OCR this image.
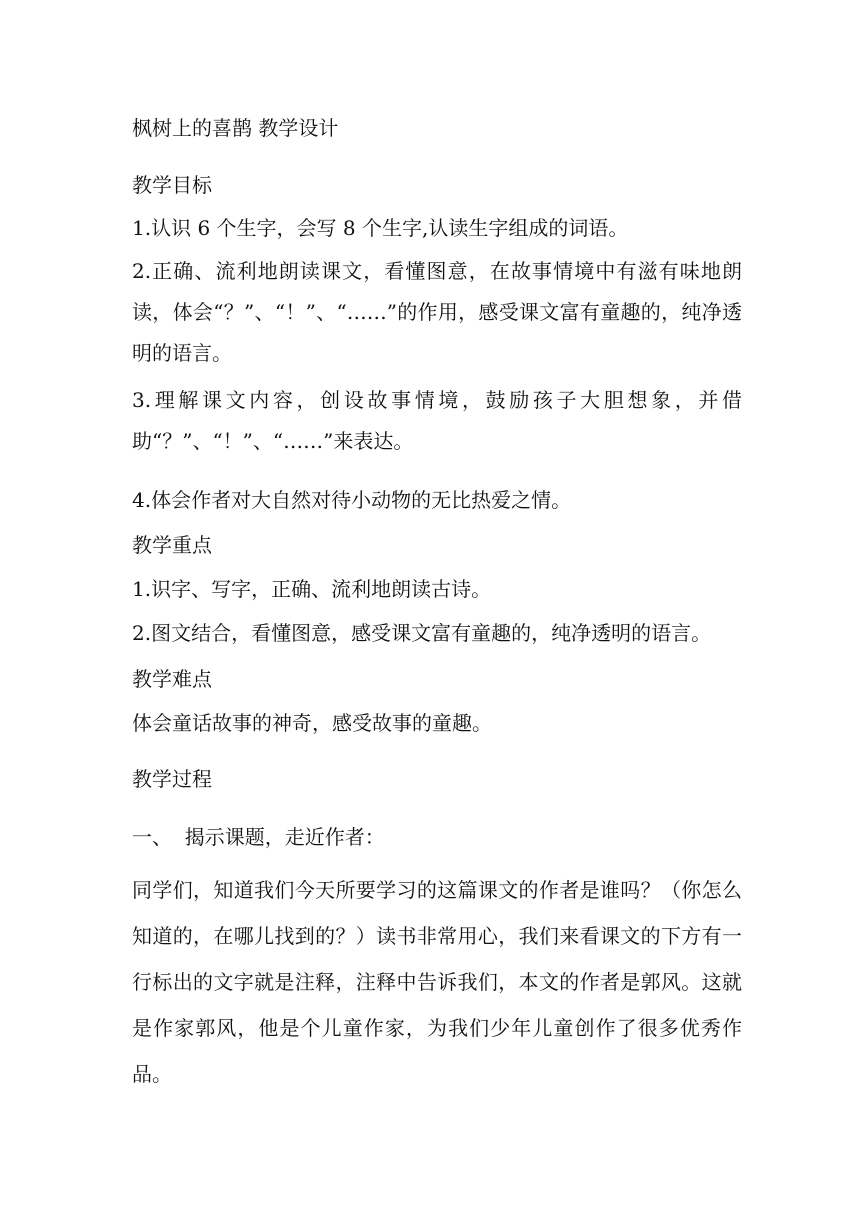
枫树上的喜鹊 教学设计
教学目标
1.认识 6 个生字，会写 8 个生字,认读生字组成的词语。
2.正确、流利地朗读课文，看懂图意，在故事情境中有滋有味地朗读，体会“？”、“！”、“……”的作用，感受课文富有童趣的，纯净透明的语言。
3.理解课文内容，创设故事情境，鼓励孩子大胆想象，并借助“？”、“！”、“……”来表达。
4.体会作者对大自然对待小动物的无比热爱之情。
教学重点
1.识字、写字，正确、流利地朗读古诗。
2.图文结合，看懂图意，感受课文富有童趣的，纯净透明的语言。
教学难点
体会童话故事的神奇，感受故事的童趣。
教学过程
一、  揭示课题，走近作者：
同学们，知道我们今天所要学习的这篇课文的作者是谁吗？（你怎么知道的，在哪儿找到的？）读书非常用心，我们来看课文的下方有一行标出的文字就是注释，注释中告诉我们，本文的作者是郭风。这就是作家郭风，他是个儿童作家，为我们少年儿童创作了很多优秀作品。
